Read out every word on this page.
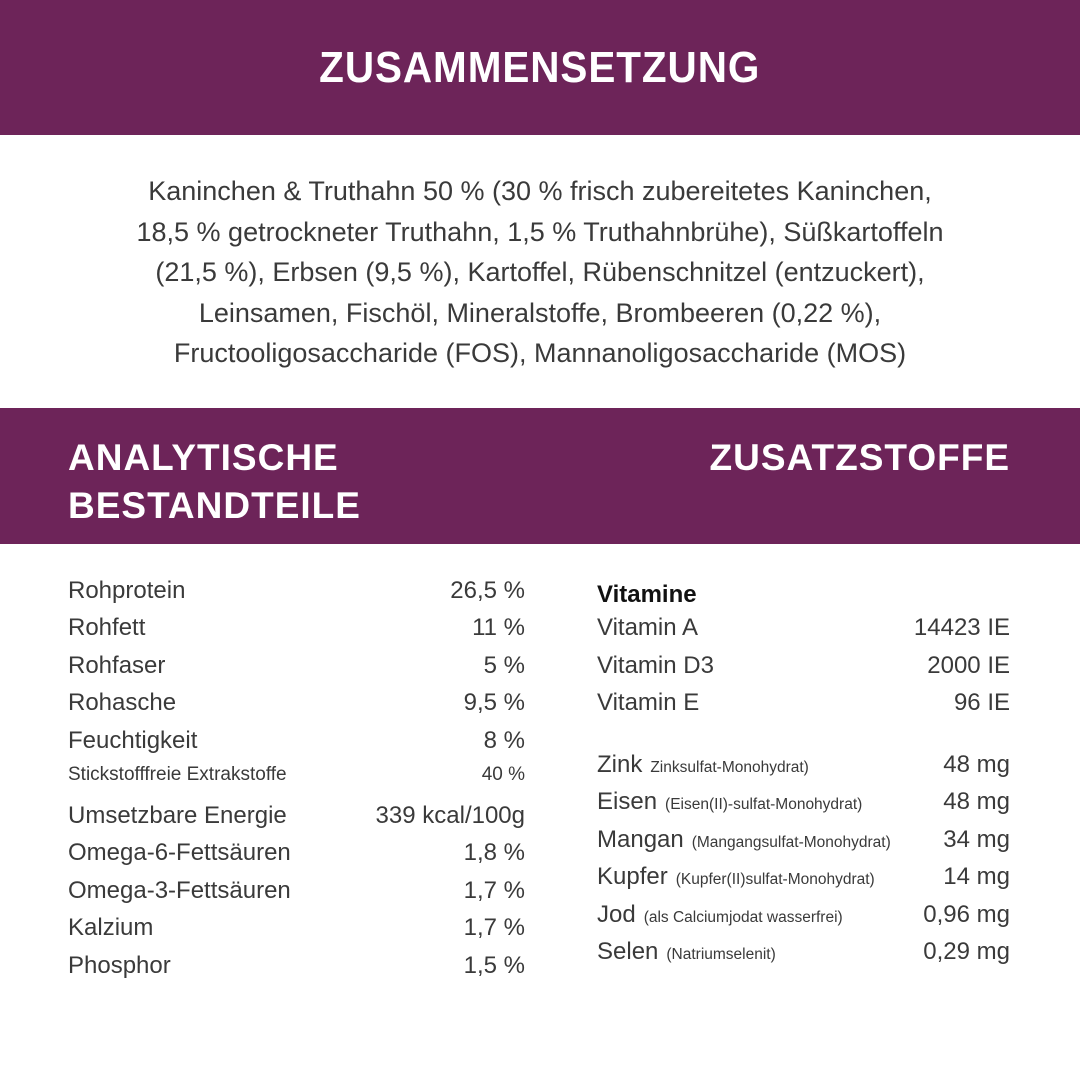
ZUSAMMENSETZUNG
Kaninchen & Truthahn 50 % (30 % frisch zubereitetes Kaninchen,
18,5 % getrockneter Truthahn, 1,5 % Truthahnbrühe), Süßkartoffeln
(21,5 %), Erbsen (9,5 %), Kartoffel, Rübenschnitzel (entzuckert),
Leinsamen, Fischöl, Mineralstoffe, Brombeeren (0,22 %),
Fructooligosaccharide (FOS), Mannanoligosaccharide (MOS)
ANALYTISCHE
BESTANDTEILE
ZUSATZSTOFFE
Rohprotein	26,5 %
Rohfett	11 %
Rohfaser	5 %
Rohasche	9,5 %
Feuchtigkeit	8 %
Stickstofffreie Extrakstoffe	40 %
Umsetzbare Energie	339 kcal/100g
Omega-6-Fettsäuren	1,8 %
Omega-3-Fettsäuren	1,7 %
Kalzium	1,7 %
Phosphor	1,5 %
Vitamine
Vitamin A	14423 IE
Vitamin D3	2000 IE
Vitamin E	96 IE
Zink Zinksulfat-Monohydrat)	48 mg
Eisen (Eisen(II)-sulfat-Monohydrat)	48 mg
Mangan (Mangangsulfat-Monohydrat) 34 mg
Kupfer (Kupfer(II)sulfat-Monohydrat)	14 mg
Jod (als Calciumjodat wasserfrei)	0,96 mg
Selen (Natriumselenit)	0,29 mg
